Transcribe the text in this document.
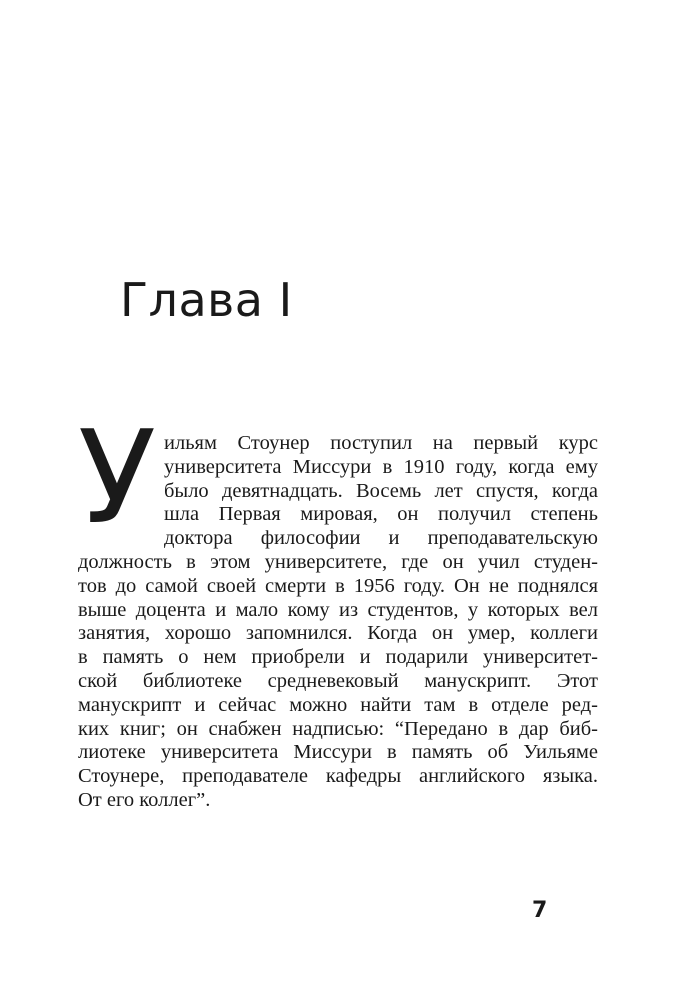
Глава I
У ильям Стоунер поступил на первый курс
университета Миссури в 1910 году, когда ему
было девятнадцать. Восемь лет спустя, когда
шла Первая мировая, он получил степень
доктора философии и преподавательскую
должность в этом университете, где он учил студен-
тов до самой своей смерти в 1956 году. Он не поднялся
выше доцента и мало кому из студентов, у которых вел
занятия, хорошо запомнился. Когда он умер, коллеги
в память о нем приобрели и подарили университет-
ской библиотеке средневековый манускрипт. Этот
манускрипт и сейчас можно найти там в отделе ред-
ких книг; он снабжен надписью: “Передано в дар биб-
лиотеке университета Миссури в память об Уильяме
Стоунере, преподавателе кафедры английского языка.
От его коллег”.
7
